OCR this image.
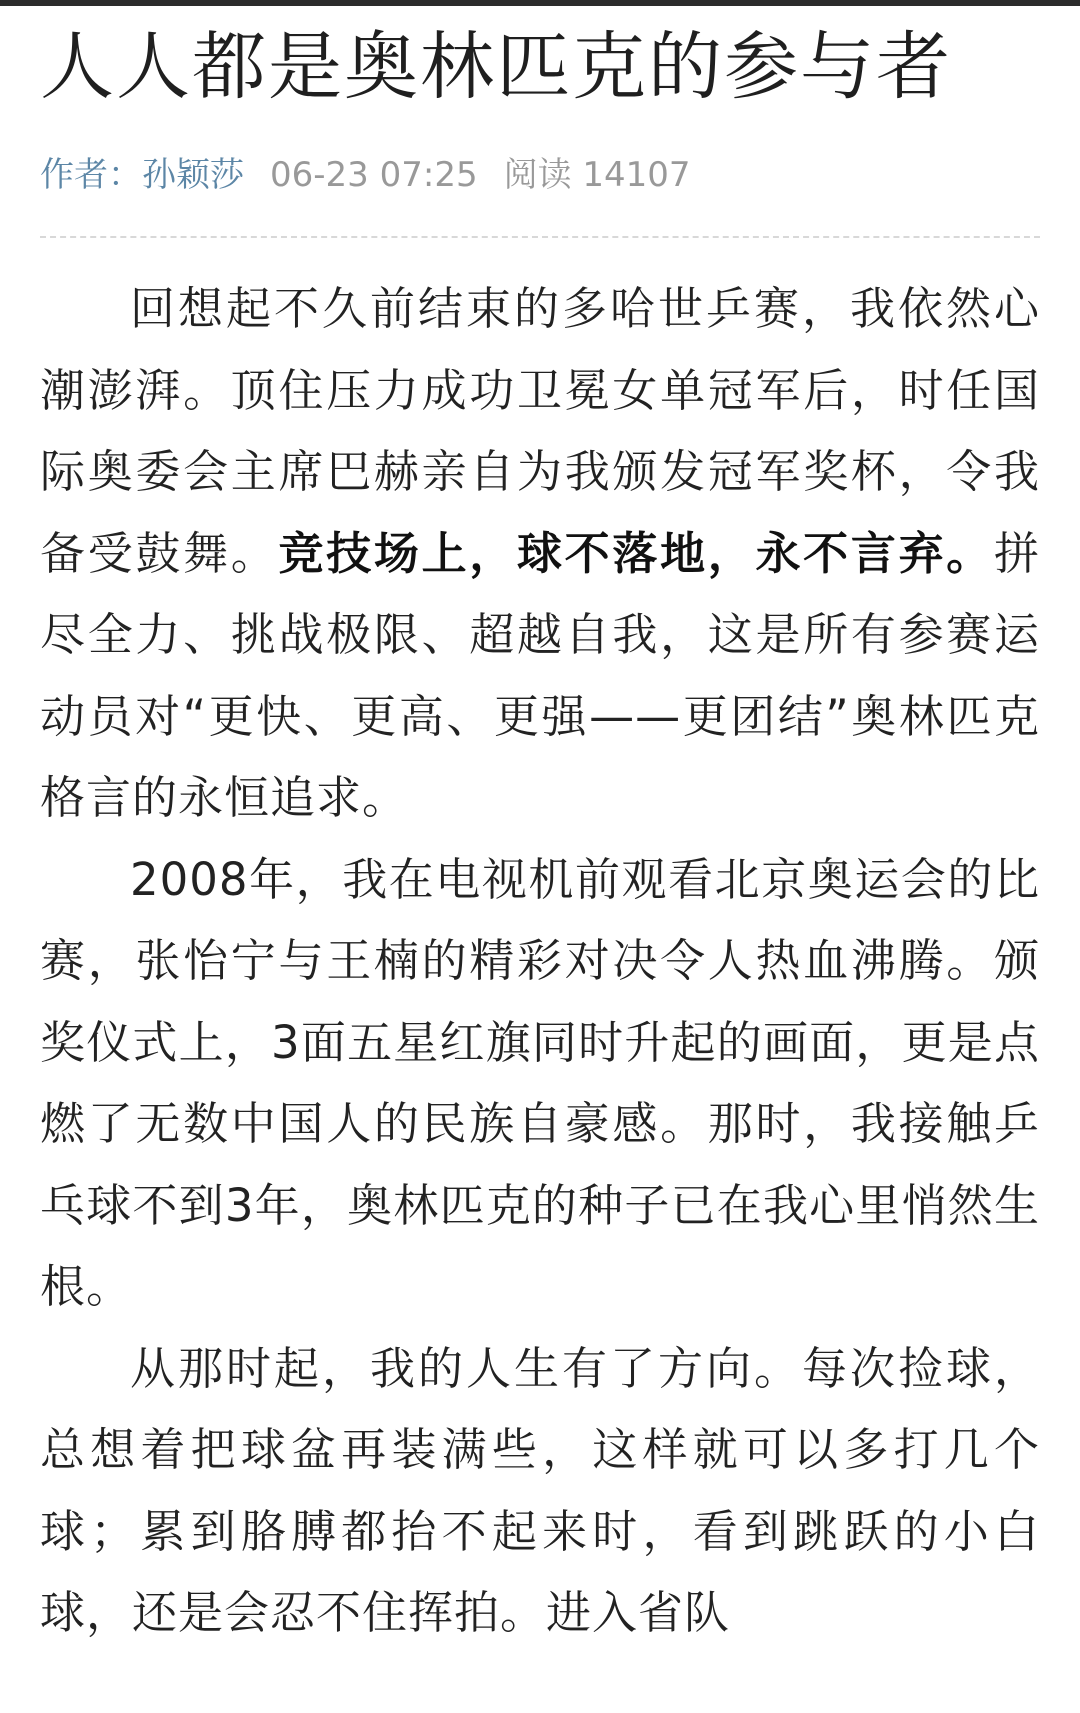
人人都是奥林匹克的参与者
作者：孙颖莎 06-23 07:25 阅读 14107

回想起不久前结束的多哈世乒赛，我依然心潮澎湃。顶住压力成功卫冕女单冠军后，时任国际奥委会主席巴赫亲自为我颁发冠军奖杯，令我备受鼓舞。竞技场上，球不落地，永不言弃。拼尽全力、挑战极限、超越自我，这是所有参赛运动员对“更快、更高、更强——更团结”奥林匹克格言的永恒追求。

2008年，我在电视机前观看北京奥运会的比赛，张怡宁与王楠的精彩对决令人热血沸腾。颁奖仪式上，3面五星红旗同时升起的画面，更是点燃了无数中国人的民族自豪感。那时，我接触乒乓球不到3年，奥林匹克的种子已在我心里悄然生根。

从那时起，我的人生有了方向。每次捡球，总想着把球盆再装满些，这样就可以多打几个球；累到胳膊都抬不起来时，看到跳跃的小白球，还是会忍不住挥拍。进入省队
